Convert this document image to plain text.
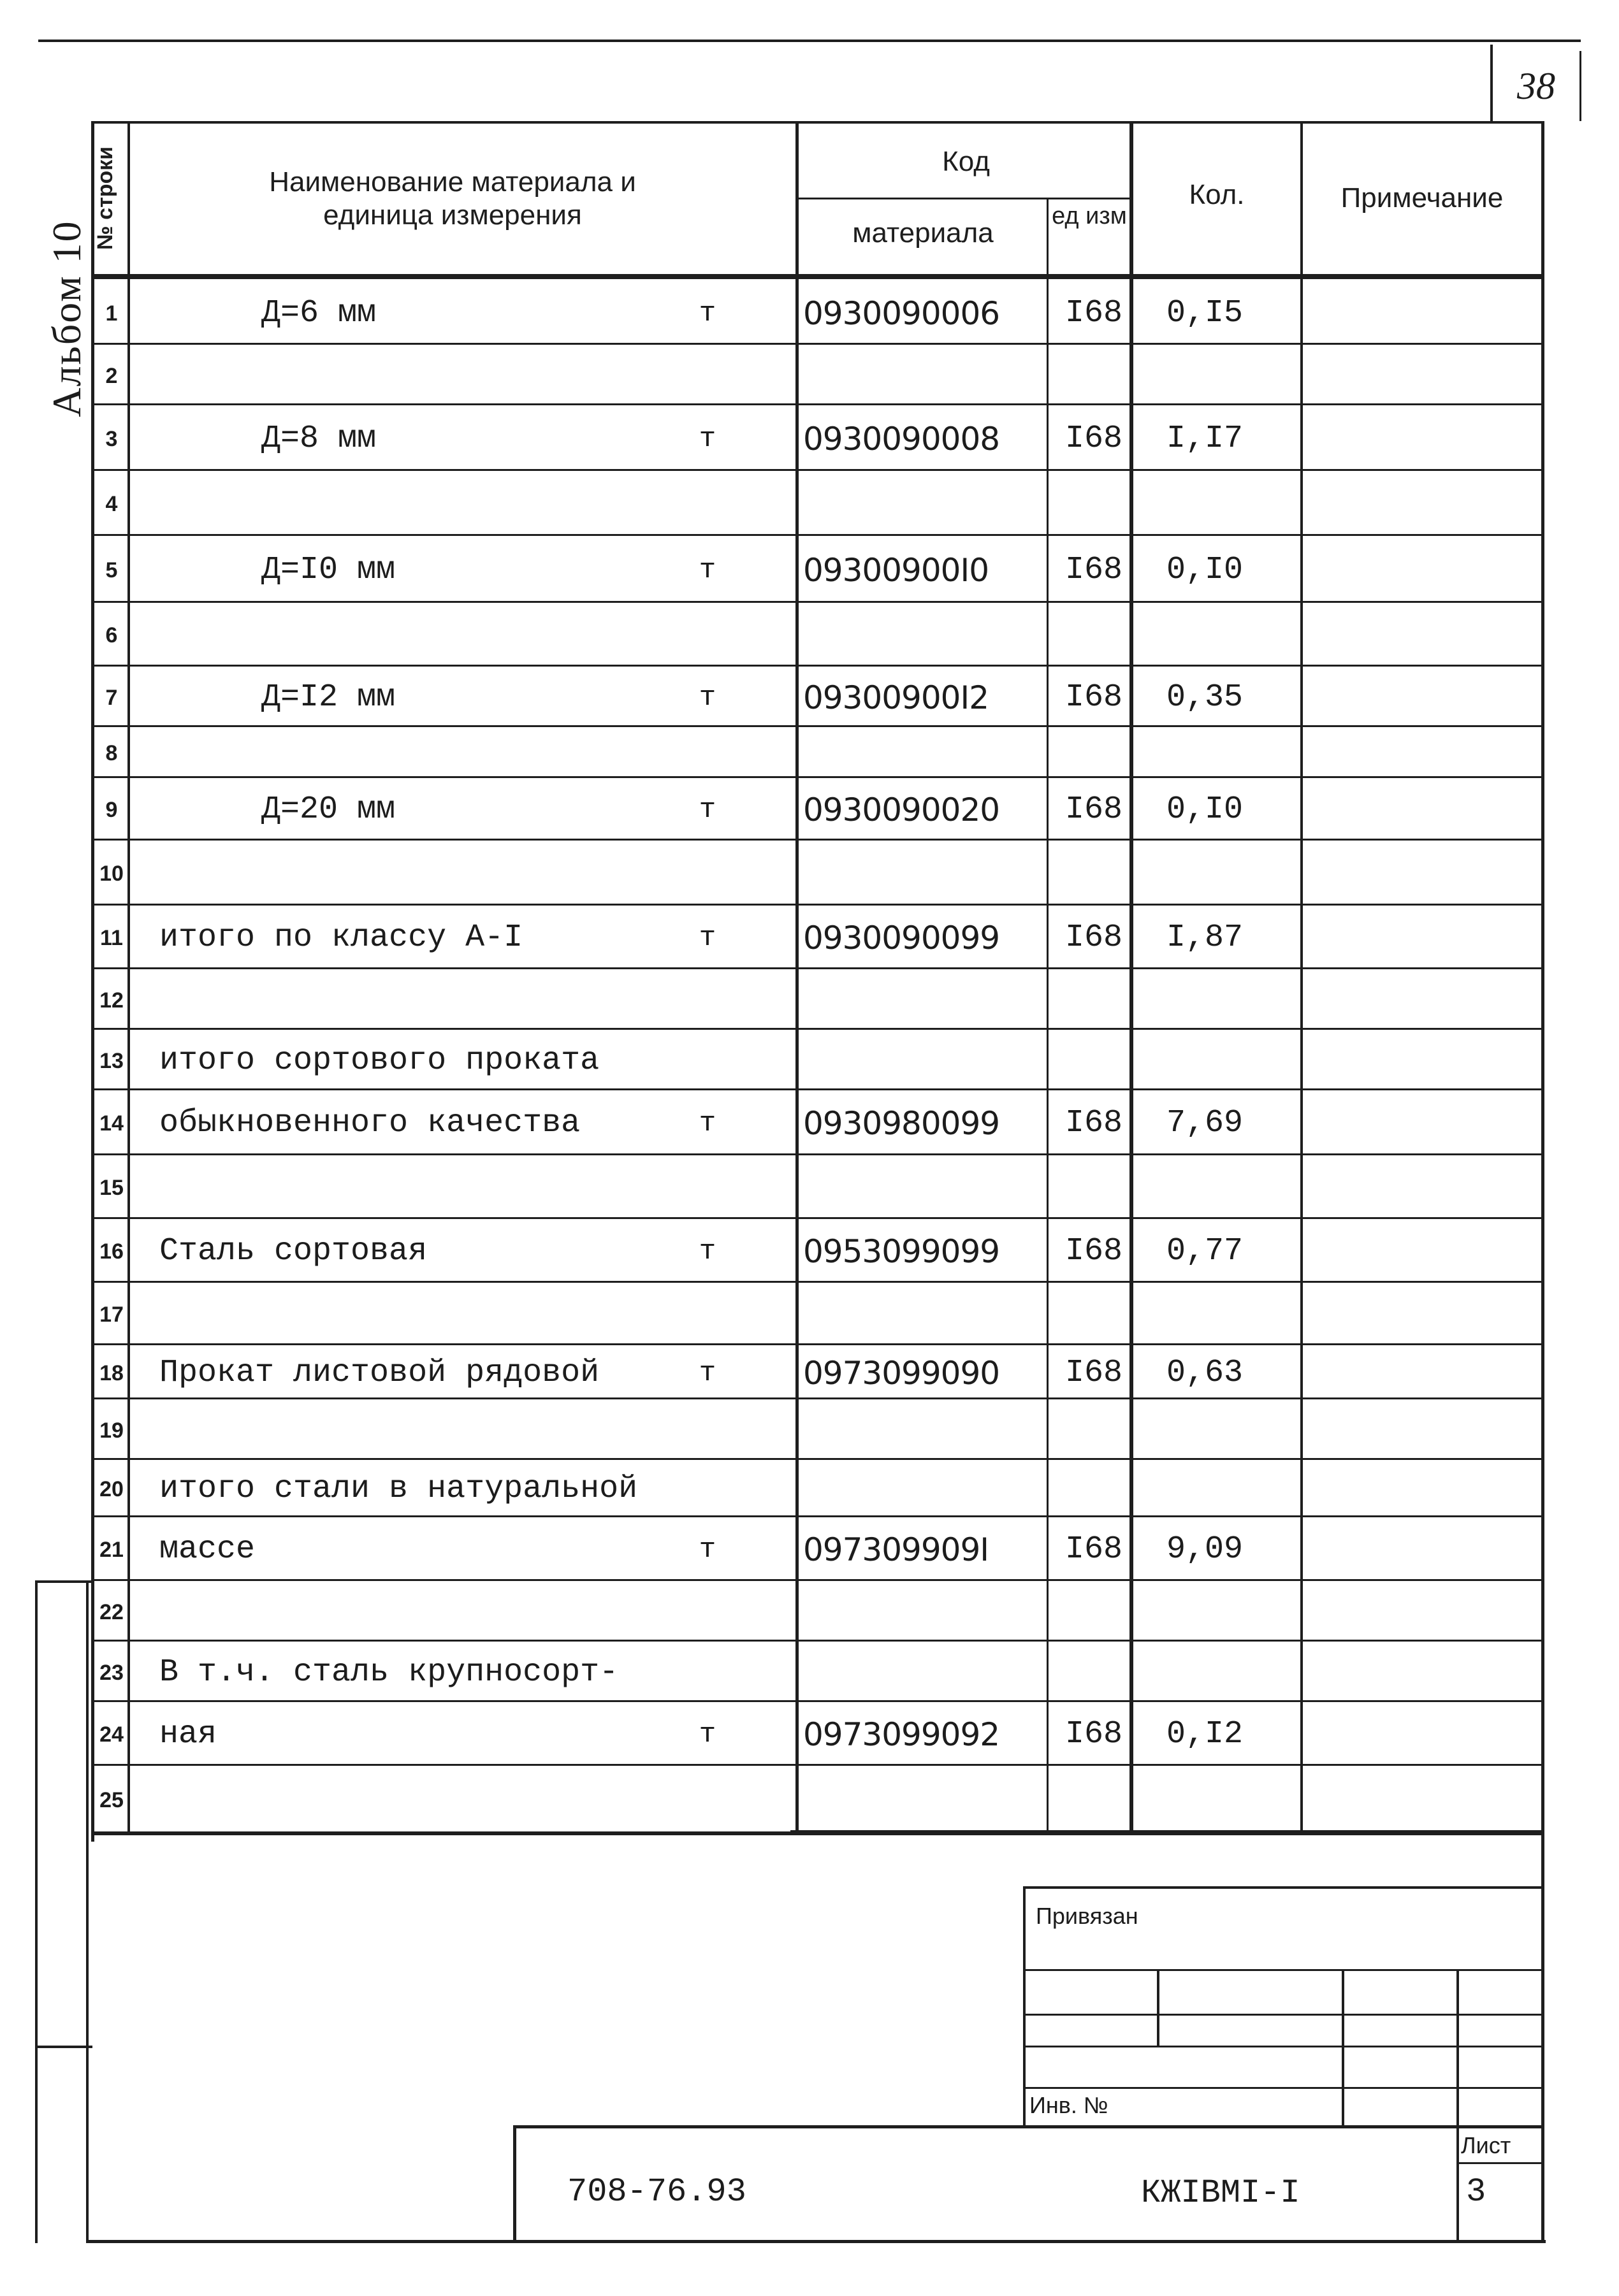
38
Альбом 10
№ строки	Наименование материала и единица измерения
Код
материала
ед изм
Кол.	Примечание
1	Д=6 мм	т	0930090006	I68 0,I5
2
3	Д=8 мм	т	0930090008	I68 I,I7
4
5	Д=I0 мм	т	09300900I0	I68 0,I0
6
7	Д=I2 мм	т	09300900I2	I68 0,35
8
9	Д=20 мм	т	0930090020	I68 0,I0
10
11 итого по классу А-I	т	0930090099	I68 I,87
12
13 итого сортового проката
14 обыкновенного качества	т	0930980099	I68 7,69
15
16 Сталь сортовая	т	0953099099	I68 0,77
17
18 Прокат листовой рядовой	т	0973099090	I68 0,63
19
20 итого стали в натуральной
21 массе	т	097309909I	I68 9,09
22
23 В т.ч. сталь крупносорт-
24 ная	т	0973099092	I68 0,I2
25
Привязан
Инв. №
Лист
708-76.93	КЖIВМI-I	3
